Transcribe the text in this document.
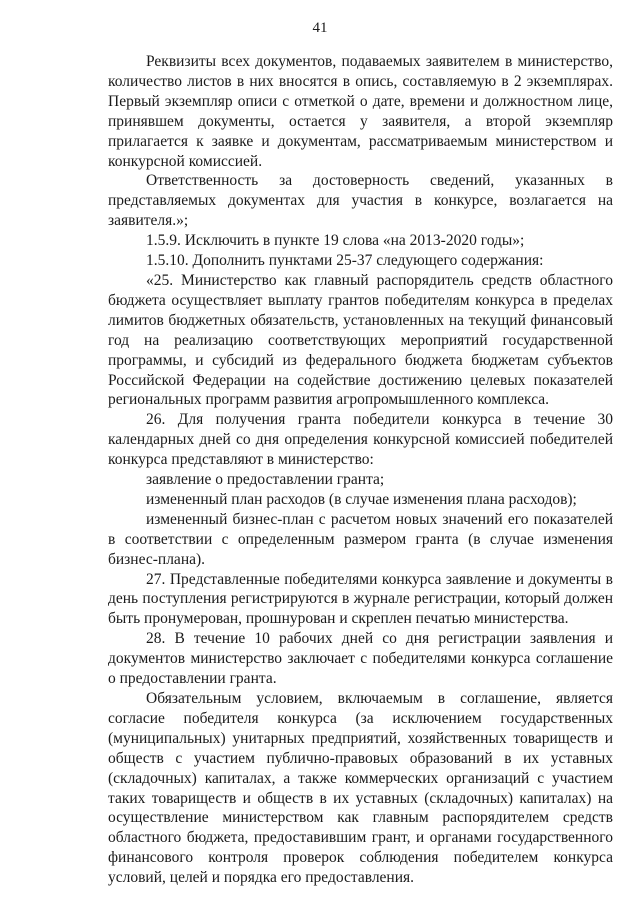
41

Реквизиты всех документов, подаваемых заявителем в министерство, количество листов в них вносятся в опись, составляемую в 2 экземплярах. Первый экземпляр описи с отметкой о дате, времени и должностном лице, принявшем документы, остается у заявителя, а второй экземпляр прилагается к заявке и документам, рассматриваемым министерством и конкурсной комиссией.

Ответственность за достоверность сведений, указанных в представляемых документах для участия в конкурсе, возлагается на заявителя.»;

1.5.9. Исключить в пункте 19 слова «на 2013-2020 годы»;

1.5.10. Дополнить пунктами 25-37 следующего содержания:

«25. Министерство как главный распорядитель средств областного бюджета осуществляет выплату грантов победителям конкурса в пределах лимитов бюджетных обязательств, установленных на текущий финансовый год на реализацию соответствующих мероприятий государственной программы, и субсидий из федерального бюджета бюджетам субъектов Российской Федерации на содействие достижению целевых показателей региональных программ развития агропромышленного комплекса.

26. Для получения гранта победители конкурса в течение 30 календарных дней со дня определения конкурсной комиссией победителей конкурса представляют в министерство:

заявление о предоставлении гранта;

измененный план расходов (в случае изменения плана расходов);

измененный бизнес-план с расчетом новых значений его показателей в соответствии с определенным размером гранта (в случае изменения бизнес-плана).

27. Представленные победителями конкурса заявление и документы в день поступления регистрируются в журнале регистрации, который должен быть пронумерован, прошнурован и скреплен печатью министерства.

28. В течение 10 рабочих дней со дня регистрации заявления и документов министерство заключает с победителями конкурса соглашение о предоставлении гранта.

Обязательным условием, включаемым в соглашение, является согласие победителя конкурса (за исключением государственных (муниципальных) унитарных предприятий, хозяйственных товариществ и обществ с участием публично-правовых образований в их уставных (складочных) капиталах, а также коммерческих организаций с участием таких товариществ и обществ в их уставных (складочных) капиталах) на осуществление министерством как главным распорядителем средств областного бюджета, предоставившим грант, и органами государственного финансового контроля проверок соблюдения победителем конкурса условий, целей и порядка его предоставления.
